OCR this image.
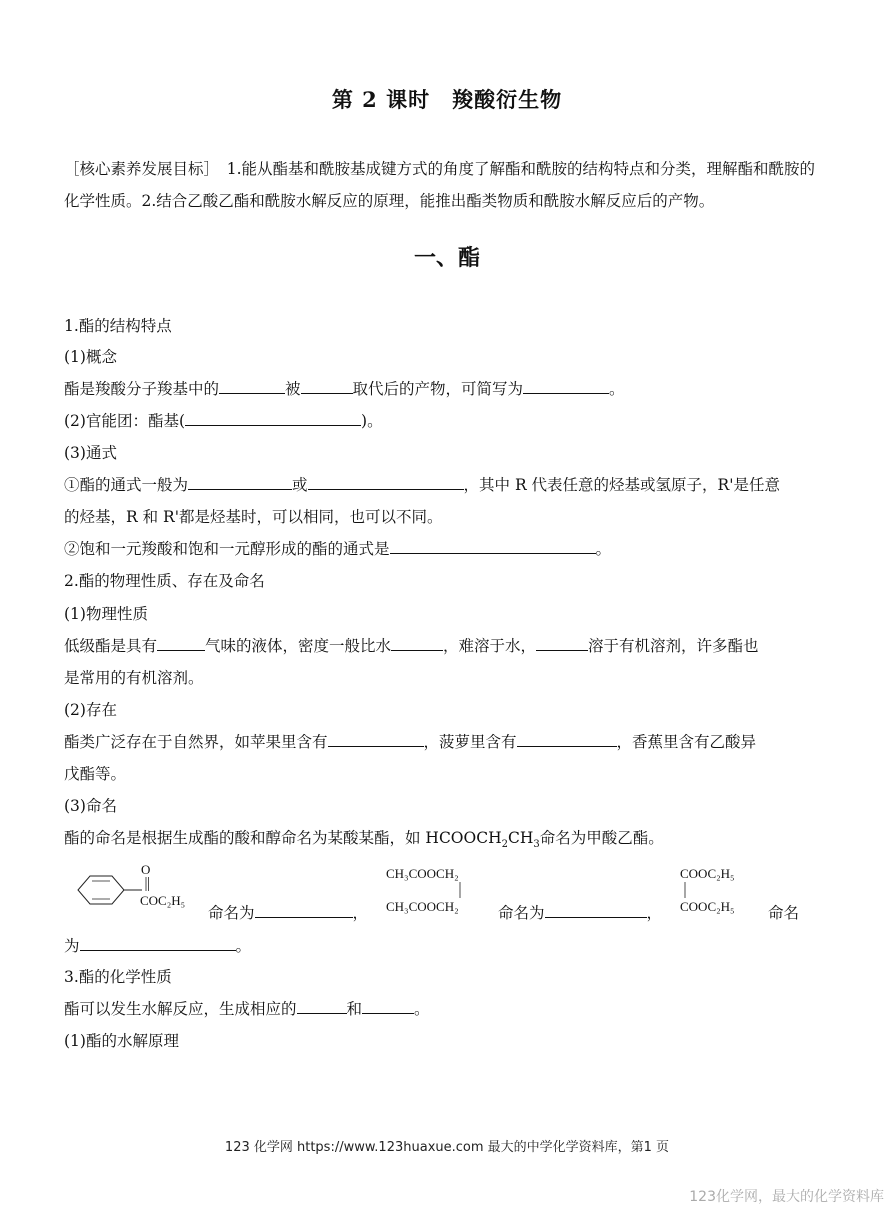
第 2 课时 羧酸衍生物
［核心素养发展目标］　1.能从酯基和酰胺基成键方式的角度了解酯和酰胺的结构特点和分类，理解酯和酰胺的化学性质。2.结合乙酸乙酯和酰胺水解反应的原理，能推出酯类物质和酰胺水解反应后的产物。
一、酯
1.酯的结构特点
(1)概念
酯是羧酸分子羧基中的	被	取代后的产物，可简写为	。
(2)官能团：酯基(	)。
(3)通式
①酯的通式一般为	或	，其中 R 代表任意的烃基或氢原子，R'是任意
的烃基，R 和 R'都是烃基时，可以相同，也可以不同。
②饱和一元羧酸和饱和一元醇形成的酯的通式是	。
2.酯的物理性质、存在及命名
(1)物理性质
低级酯是具有	气味的液体，密度一般比水	，难溶于水，	溶于有机溶剂，许多酯也
是常用的有机溶剂。
(2)存在
酯类广泛存在于自然界，如苹果里含有	，菠萝里含有	，香蕉里含有乙酸异
戊酯等。
(3)命名
酯的命名是根据生成酯的酸和醇命名为某酸某酯，如 $HCOOCH_2CH_3$命名为甲酸乙酯。
O
COC₂H₅
命名为	，
CH₃COOCH₂
CH₃COOCH₂	命名为	，
COOC₂H₅
COOC₂H₅ 命名
为	。
3.酯的化学性质
酯可以发生水解反应，生成相应的	和	。
(1)酯的水解原理
123 化学网 https://www.123huaxue.com 最大的中学化学资料库，第1 页
123化学网，最大的化学资料库
